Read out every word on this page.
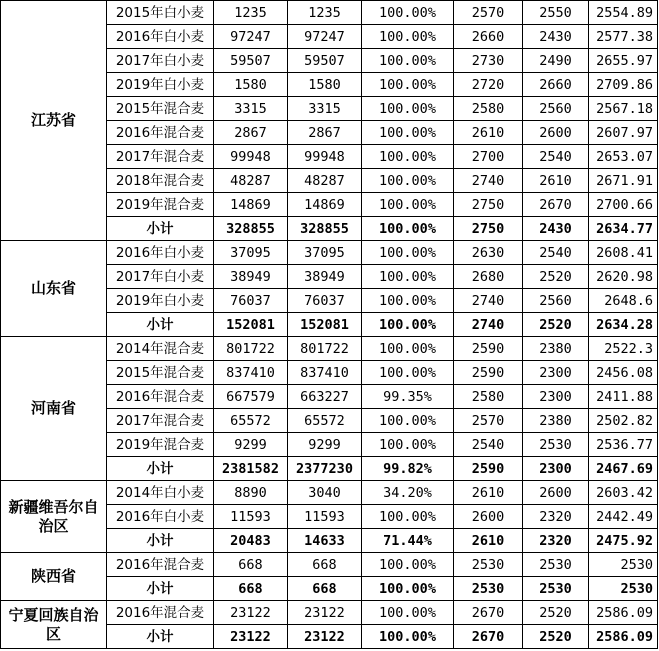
江苏省	2015年白小麦	1235	1235	100.00%	2570	2550	2554.89
	2016年白小麦	97247	97247	100.00%	2660	2430	2577.38
	2017年白小麦	59507	59507	100.00%	2730	2490	2655.97
	2019年白小麦	1580	1580	100.00%	2720	2660	2709.86
	2015年混合麦	3315	3315	100.00%	2580	2560	2567.18
	2016年混合麦	2867	2867	100.00%	2610	2600	2607.97
	2017年混合麦	99948	99948	100.00%	2700	2540	2653.07
	2018年混合麦	48287	48287	100.00%	2740	2610	2671.91
	2019年混合麦	14869	14869	100.00%	2750	2670	2700.66
	小计	328855	328855	100.00%	2750	2430	2634.77
山东省	2016年白小麦	37095	37095	100.00%	2630	2540	2608.41
	2017年白小麦	38949	38949	100.00%	2680	2520	2620.98
	2019年白小麦	76037	76037	100.00%	2740	2560	2648.6
	小计	152081	152081	100.00%	2740	2520	2634.28
河南省	2014年混合麦	801722	801722	100.00%	2590	2380	2522.3
	2015年混合麦	837410	837410	100.00%	2590	2300	2456.08
	2016年混合麦	667579	663227	99.35%	2580	2300	2411.88
	2017年混合麦	65572	65572	100.00%	2570	2380	2502.82
	2019年混合麦	9299	9299	100.00%	2540	2530	2536.77
	小计	2381582	2377230	99.82%	2590	2300	2467.69
新疆维吾尔自治区	2014年白小麦	8890	3040	34.20%	2610	2600	2603.42
	2016年白小麦	11593	11593	100.00%	2600	2320	2442.49
	小计	20483	14633	71.44%	2610	2320	2475.92
陕西省	2016年混合麦	668	668	100.00%	2530	2530	2530
	小计	668	668	100.00%	2530	2530	2530
宁夏回族自治区	2016年混合麦	23122	23122	100.00%	2670	2520	2586.09
	小计	23122	23122	100.00%	2670	2520	2586.09
